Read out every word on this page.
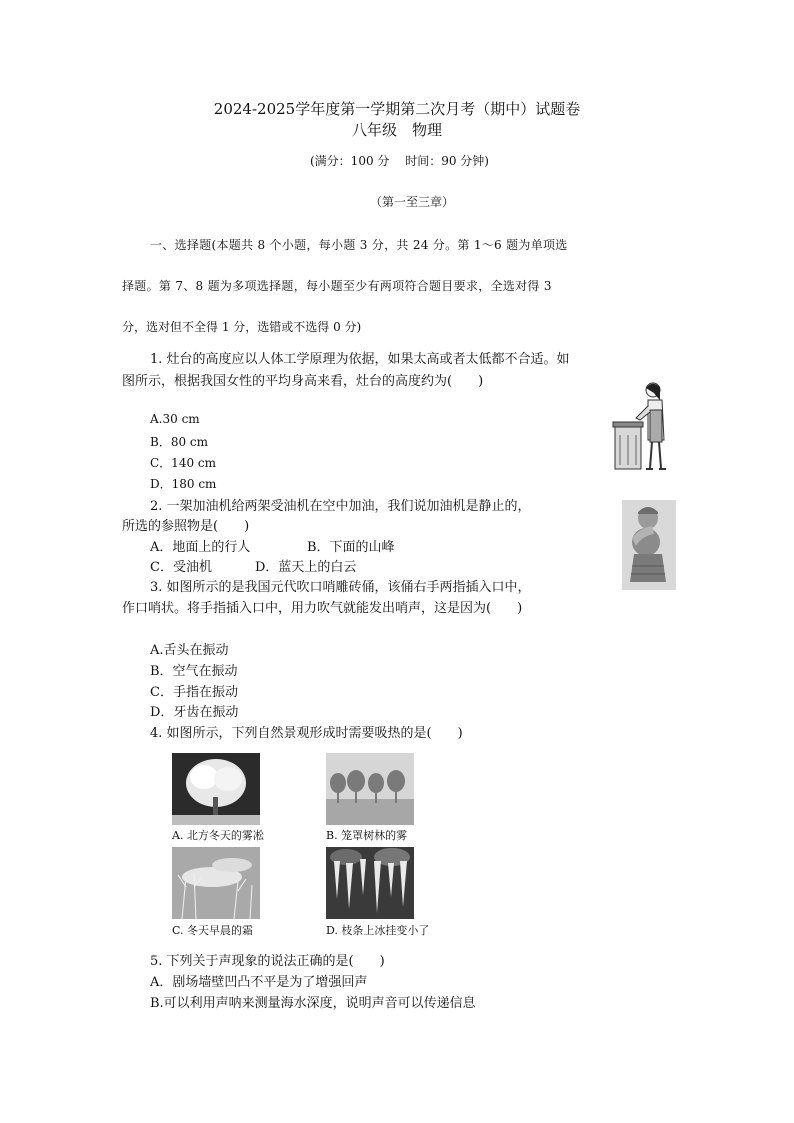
2024-2025学年度第一学期第二次月考（期中）试题卷
八年级　物理
(满分：100 分　 时间：90 分钟)
（第一至三章）
一、选择题(本题共 8 个小题，每小题 3 分，共 24 分。第 1～6 题为单项选
择题。第 7、8 题为多项选择题，每小题至少有两项符合题目要求，全选对得 3
分，选对但不全得 1 分，选错或不选得 0 分)
1. 灶台的高度应以人体工学原理为依据，如果太高或者太低都不合适。如
图所示，根据我国女性的平均身高来看，灶台的高度约为(　　)
A.30 cm
B．80 cm
C．140 cm
D．180 cm
2. 一架加油机给两架受油机在空中加油，我们说加油机是静止的，
所选的参照物是(　　)
A．地面上的行人	B．下面的山峰
C．受油机	D．蓝天上的白云
3. 如图所示的是我国元代吹口哨雕砖俑，该俑右手两指插入口中，
作口哨状。将手指插入口中，用力吹气就能发出哨声，这是因为(　　)
A.舌头在振动
B．空气在振动
C．手指在振动
D．牙齿在振动
4. 如图所示，下列自然景观形成时需要吸热的是(　　)
A. 北方冬天的雾凇	B. 笼罩树林的雾
C. 冬天早晨的霜	D. 枝条上冰挂变小了
5. 下列关于声现象的说法正确的是(　　)
A．剧场墙壁凹凸不平是为了增强回声
B.可以利用声呐来测量海水深度，说明声音可以传递信息
